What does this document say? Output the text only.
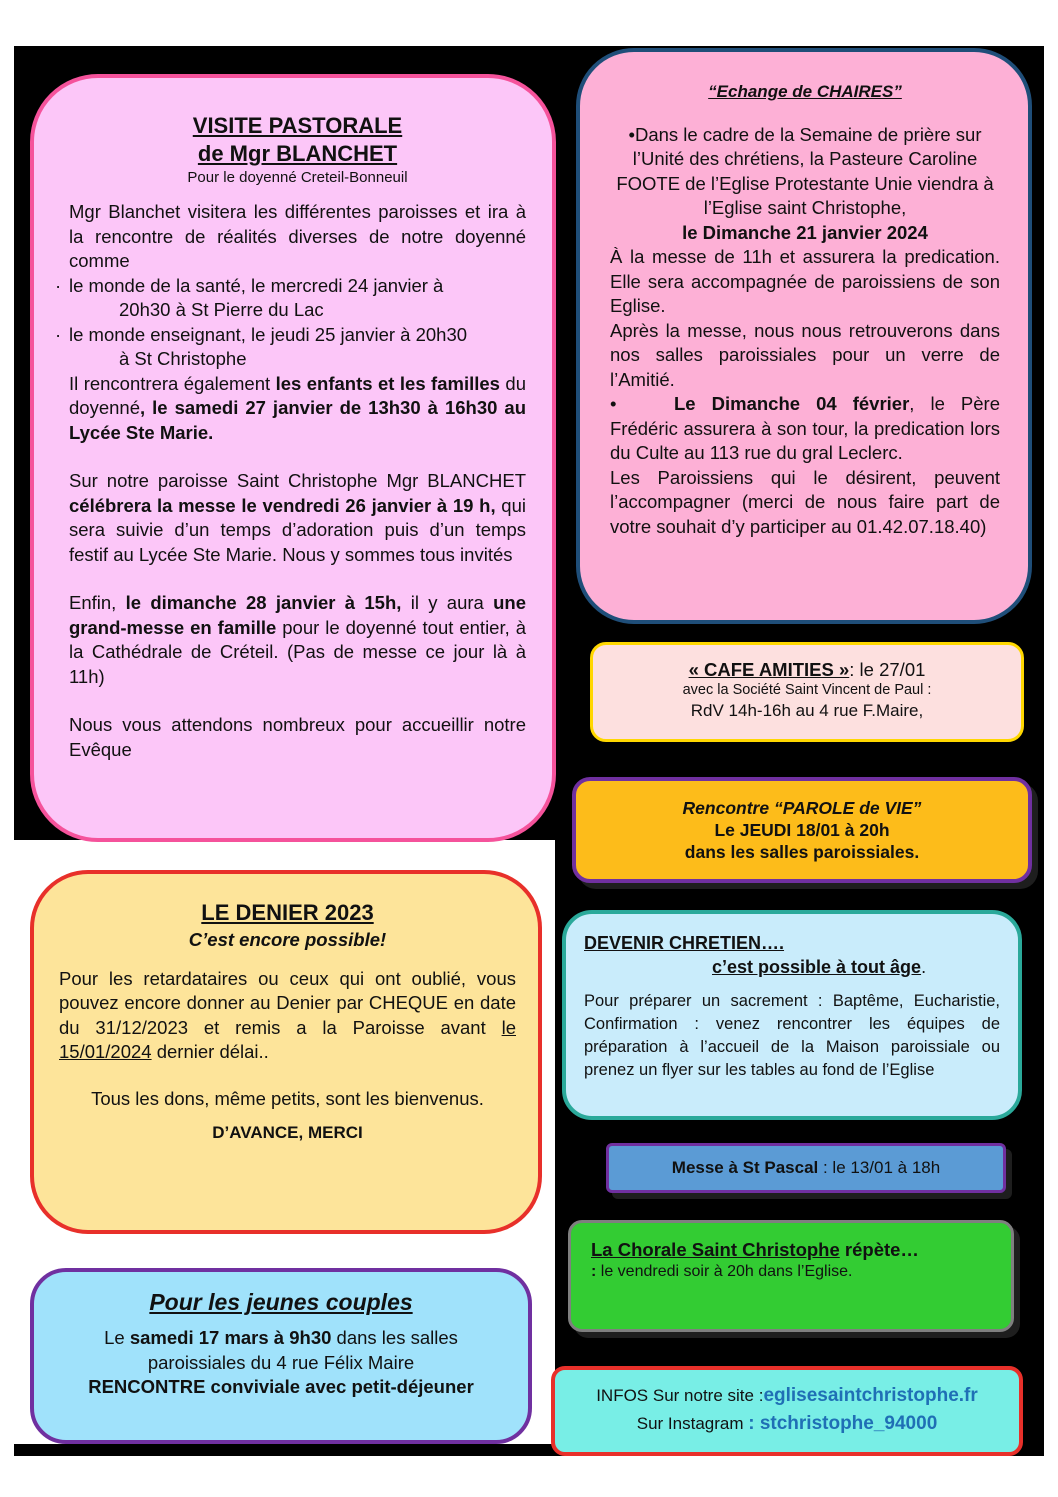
VISITE PASTORALE

de Mgr BLANCHET

Pour le doyenné Creteil-Bonneuil

Mgr Blanchet visitera les différentes paroisses et ira à la rencontre de réalités diverses de notre doyenné comme

· le monde de la santé, le mercredi 24 janvier à
20h30 à St Pierre du Lac

· le monde enseignant, le jeudi 25 janvier à 20h30
à St Christophe

Il rencontrera également les enfants et les familles du doyenné, le samedi 27 janvier de 13h30 à 16h30 au Lycée Ste Marie.

Sur notre paroisse Saint Christophe Mgr BLANCHET célébrera la messe le vendredi 26 janvier à 19 h, qui sera suivie d’un temps d’adoration puis d’un temps festif au Lycée Ste Marie. Nous y sommes tous invités

Enfin, le dimanche 28 janvier à 15h, il y aura une grand-messe en famille pour le doyenné tout entier, à la Cathédrale de Créteil. (Pas de messe ce jour là à 11h)

Nous vous attendons nombreux pour accueillir notre Evêque

“Echange de CHAIRES”

•Dans le cadre de la Semaine de prière sur l’Unité des chrétiens, la Pasteure Caroline FOOTE de l’Eglise Protestante Unie viendra à l’Eglise saint Christophe,

le Dimanche 21 janvier 2024

À la messe de 11h et assurera la predication. Elle sera accompagnée de paroissiens de son Eglise.

Après la messe, nous nous retrouverons dans nos salles paroissiales pour un verre de l’Amitié.

•	Le Dimanche 04 février, le Père Frédéric assurera à son tour, la predication lors du Culte au 113 rue du gral Leclerc.

Les Paroissiens qui le désirent, peuvent l’accompagner (merci de nous faire part de votre souhait d’y participer au 01.42.07.18.40)

« CAFE AMITIES »: le 27/01

avec la Société Saint Vincent de Paul :

RdV 14h-16h au 4 rue F.Maire,

Rencontre “PAROLE de VIE”

Le JEUDI 18/01 à 20h

dans les salles paroissiales.

LE DENIER 2023

C’est encore possible!

Pour les retardataires ou ceux qui ont oublié, vous pouvez encore donner au Denier par CHEQUE en date du 31/12/2023 et remis a la Paroisse avant le 15/01/2024 dernier délai..

Tous les dons, même petits, sont les bienvenus.

D’AVANCE, MERCI

DEVENIR CHRETIEN….

c’est possible à tout âge.

Pour préparer un sacrement : Baptême, Eucharistie, Confirmation : venez rencontrer les équipes de préparation à l’accueil de la Maison paroissiale ou prenez un flyer sur les tables au fond de l’Eglise

Messe à St Pascal : le 13/01 à 18h

Pour les jeunes couples

Le samedi 17 mars à 9h30 dans les salles paroissiales du 4 rue Félix Maire

RENCONTRE conviviale avec petit-déjeuner

La Chorale Saint Christophe répète…

: le vendredi soir à 20h dans l’Eglise.

INFOS Sur notre site :eglisesaintchristophe.fr

Sur Instagram : stchristophe_94000
